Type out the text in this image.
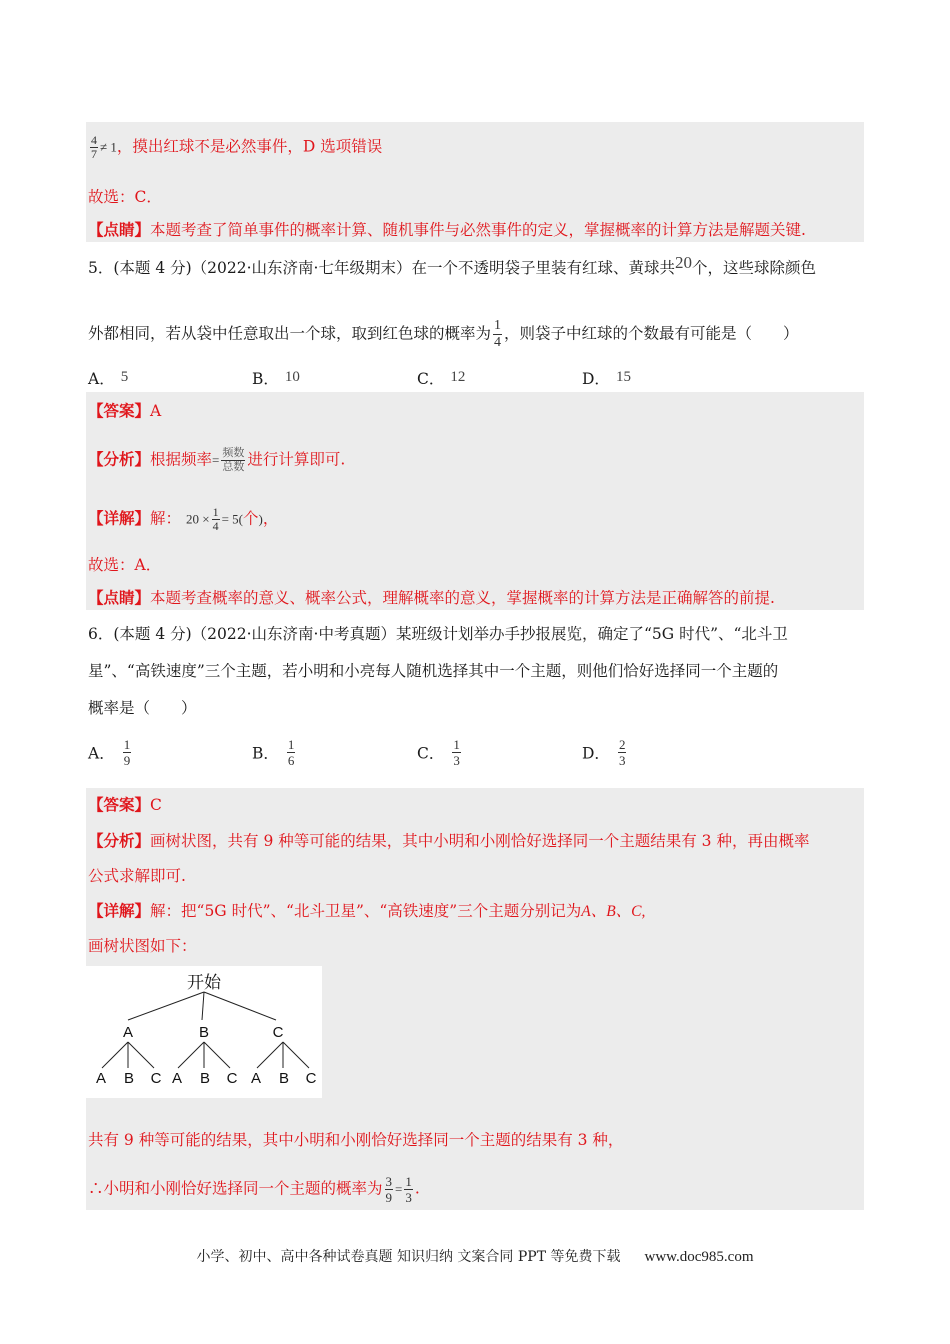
$\frac{4}{7} \ne 1$，摸出红球不是必然事件，D 选项错误
故选：C．
【点睛】本题考查了简单事件的概率计算、随机事件与必然事件的定义，掌握概率的计算方法是解题关键.
5．(本题 4 分)（2022·山东济南·七年级期末）在一个不透明袋子里装有红球、黄球共20个，这些球除颜色
外都相同，若从袋中任意取出一个球，取到红色球的概率为 $\frac{1}{4}$ ，则袋子中红球的个数最有可能是（　　）
A． 5	B． 10	C． 12	D． 15
【答案】A
【分析】根据频率= $\frac{\text{频数}}{\text{总数}}$ 进行计算即可.
【详解】解： $20 \times \frac{1}{4} = 5$(个)，
故选：A．
【点睛】本题考查概率的意义、概率公式，理解概率的意义，掌握概率的计算方法是正确解答的前提.
6．(本题 4 分)（2022·山东济南·中考真题）某班级计划举办手抄报展览，确定了“5G 时代”、“北斗卫
星”、“高铁速度”三个主题，若小明和小亮每人随机选择其中一个主题，则他们恰好选择同一个主题的
概率是（　　）
A． $\frac{1}{9}$	B． $\frac{1}{6}$	C． $\frac{1}{3}$	D． $\frac{2}{3}$
【答案】C
【分析】画树状图，共有 9 种等可能的结果，其中小明和小刚恰好选择同一个主题结果有 3 种，再由概率
公式求解即可.
【详解】解：把“5G 时代”、“北斗卫星”、“高铁速度”三个主题分别记为A、B、C,
画树状图如下：
开始
A	B	C
A B C A B C A B C
共有 9 种等可能的结果，其中小明和小刚恰好选择同一个主题的结果有 3 种，
∴小明和小刚恰好选择同一个主题的概率为 $\frac{3}{9} = \frac{1}{3}$ .
小学、初中、高中各种试卷真题 知识归纳 文案合同 PPT 等免费下载 www.doc985.com
